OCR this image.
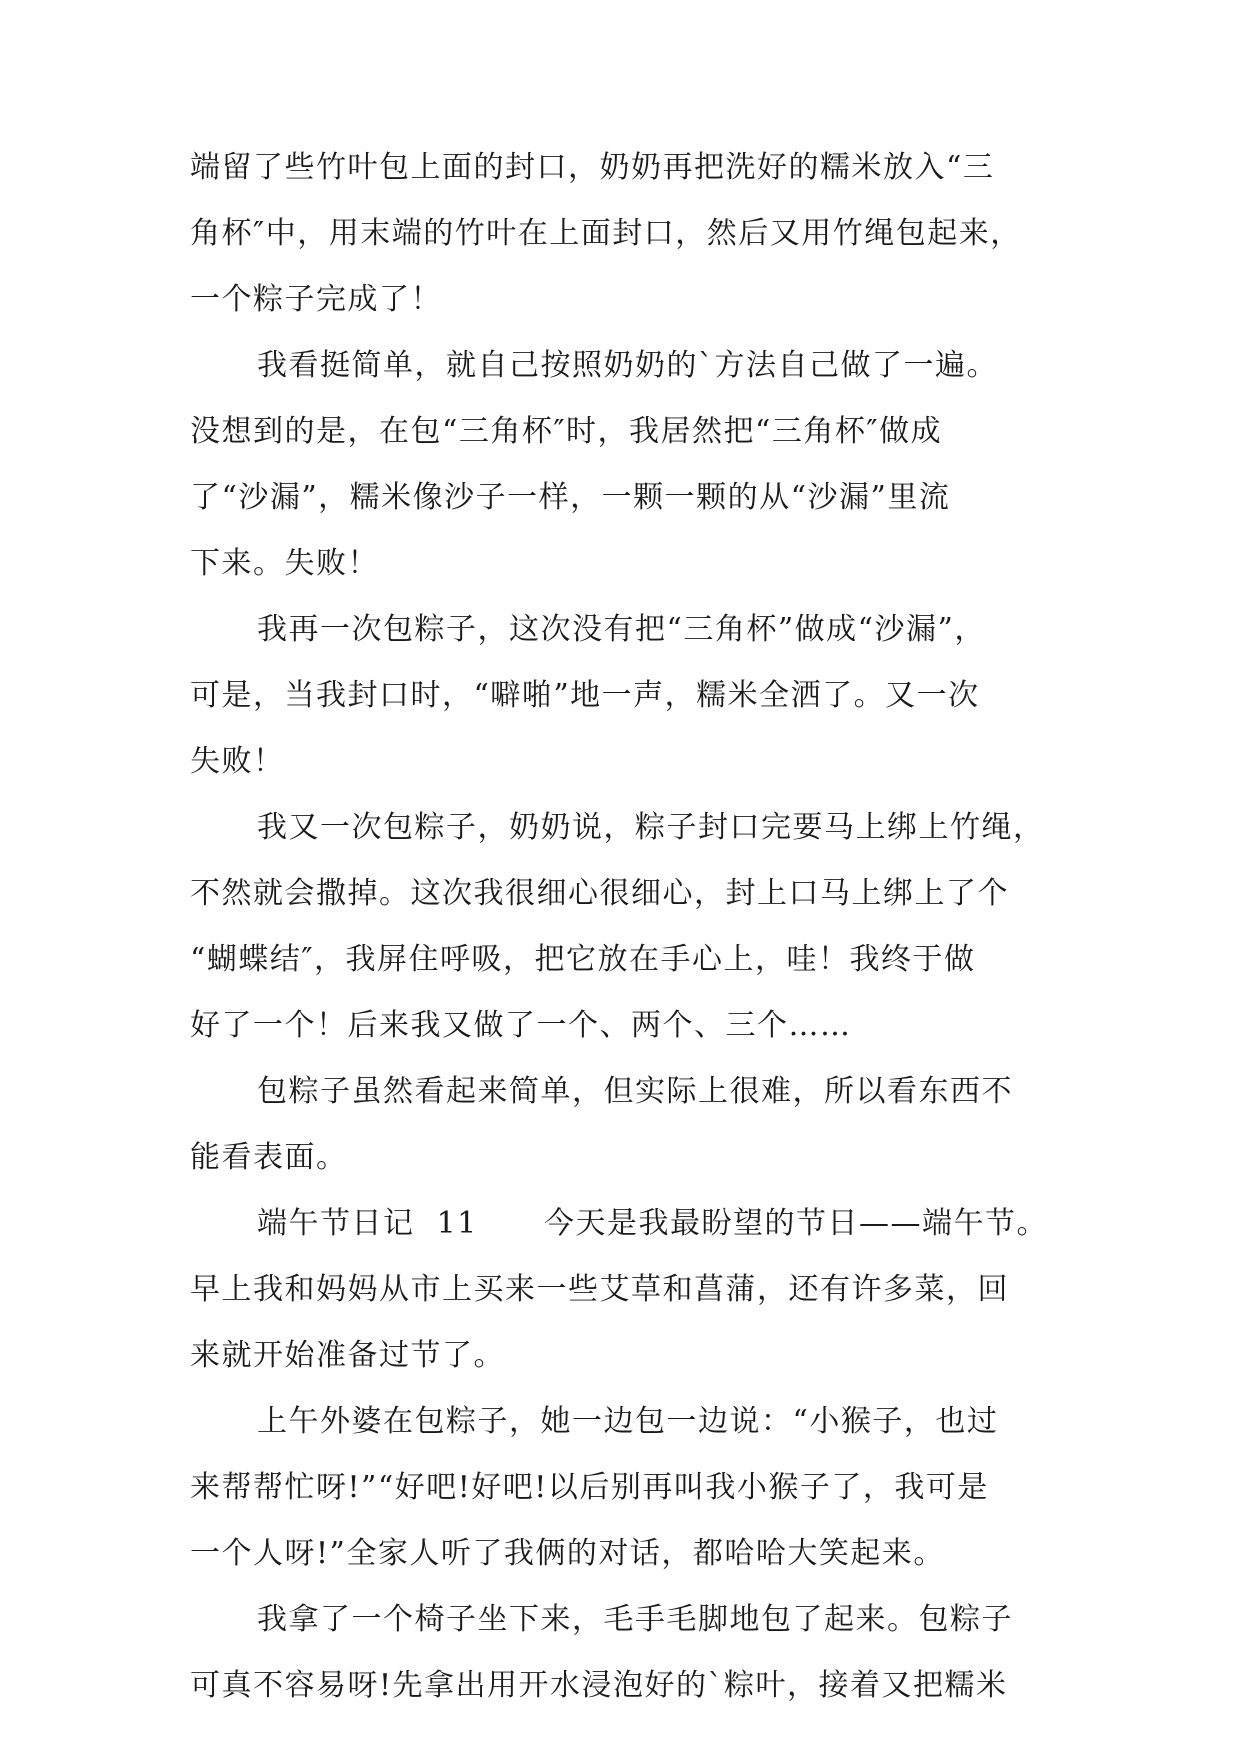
端留了些竹叶包上面的封口，奶奶再把洗好的糯米放入“三
角杯″中，用末端的竹叶在上面封口，然后又用竹绳包起来，
一个粽子完成了！
我看挺简单，就自己按照奶奶的`方法自己做了一遍。
没想到的是，在包“三角杯″时，我居然把“三角杯″做成
了“沙漏”，糯米像沙子一样，一颗一颗的从“沙漏”里流
下来。失败！
我再一次包粽子，这次没有把“三角杯”做成“沙漏”，
可是，当我封口时，“噼啪”地一声，糯米全洒了。又一次
失败！
我又一次包粽子，奶奶说，粽子封口完要马上绑上竹绳，
不然就会撒掉。这次我很细心很细心，封上口马上绑上了个
“蝴蝶结″，我屏住呼吸，把它放在手心上，哇！我终于做
好了一个！后来我又做了一个、两个、三个……
包粽子虽然看起来简单，但实际上很难，所以看东西不
能看表面。
端午节日记  11      今天是我最盼望的节日——端午节。
早上我和妈妈从市上买来一些艾草和菖蒲，还有许多菜，回
来就开始准备过节了。
上午外婆在包粽子，她一边包一边说：“小猴子，也过
来帮帮忙呀!”“好吧!好吧!以后别再叫我小猴子了，我可是
一个人呀!”全家人听了我俩的对话，都哈哈大笑起来。
我拿了一个椅子坐下来，毛手毛脚地包了起来。包粽子
可真不容易呀!先拿出用开水浸泡好的`粽叶，接着又把糯米
